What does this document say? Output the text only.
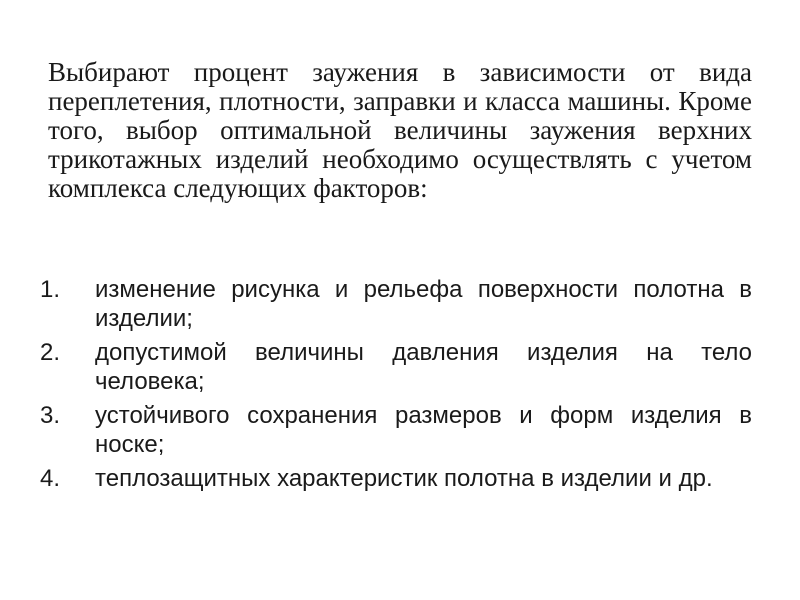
Выбирают процент заужения в зависимости от вида переплетения, плотности, заправки и класса машины. Кроме того, выбор оптимальной величины заужения верхних трикотажных изделий необходимо осуществлять с учетом комплекса следующих факторов:

1.	изменение рисунка и рельефа поверхности полотна в изделии;
2.	допустимой величины давления изделия на тело человека;
3.	устойчивого сохранения размеров и форм изделия в носке;
4.	теплозащитных характеристик полотна в изделии и др.
